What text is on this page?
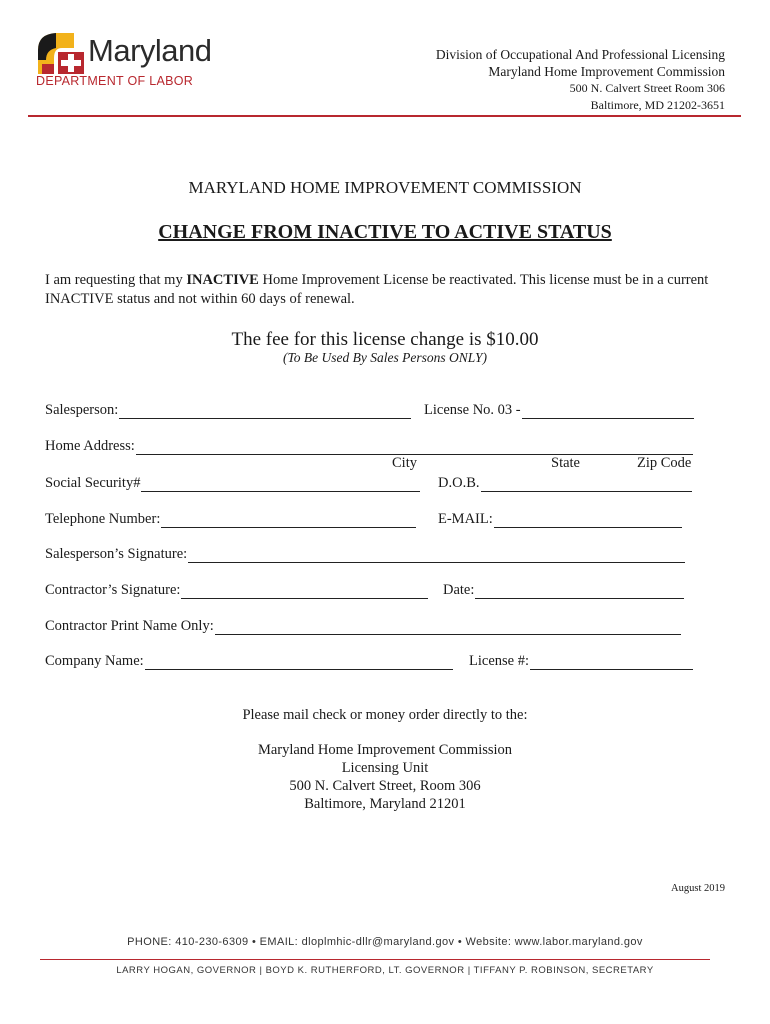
Maryland
DEPARTMENT OF LABOR
Division of Occupational And Professional Licensing
Maryland Home Improvement Commission
500 N. Calvert Street Room 306
Baltimore, MD 21202-3651
MARYLAND HOME IMPROVEMENT COMMISSION
CHANGE FROM INACTIVE TO ACTIVE STATUS
I am requesting that my INACTIVE Home Improvement License be reactivated. This license must be in a current INACTIVE status and not within 60 days of renewal.
The fee for this license change is $10.00
(To Be Used By Sales Persons ONLY)
Salesperson:	License No. 03 -
Home Address:
City	State	Zip Code
Social Security#	D.O.B.
Telephone Number:	E-MAIL:
Salesperson’s Signature:
Contractor’s Signature:	Date:
Contractor Print Name Only:
Company Name:	License #:
Please mail check or money order directly to the:
Maryland Home Improvement Commission
Licensing Unit
500 N. Calvert Street, Room 306
Baltimore, Maryland 21201
August 2019
PHONE: 410-230-6309 • EMAIL: dloplmhic-dllr@maryland.gov • Website: www.labor.maryland.gov
LARRY HOGAN, GOVERNOR | BOYD K. RUTHERFORD, LT. GOVERNOR | TIFFANY P. ROBINSON, SECRETARY
